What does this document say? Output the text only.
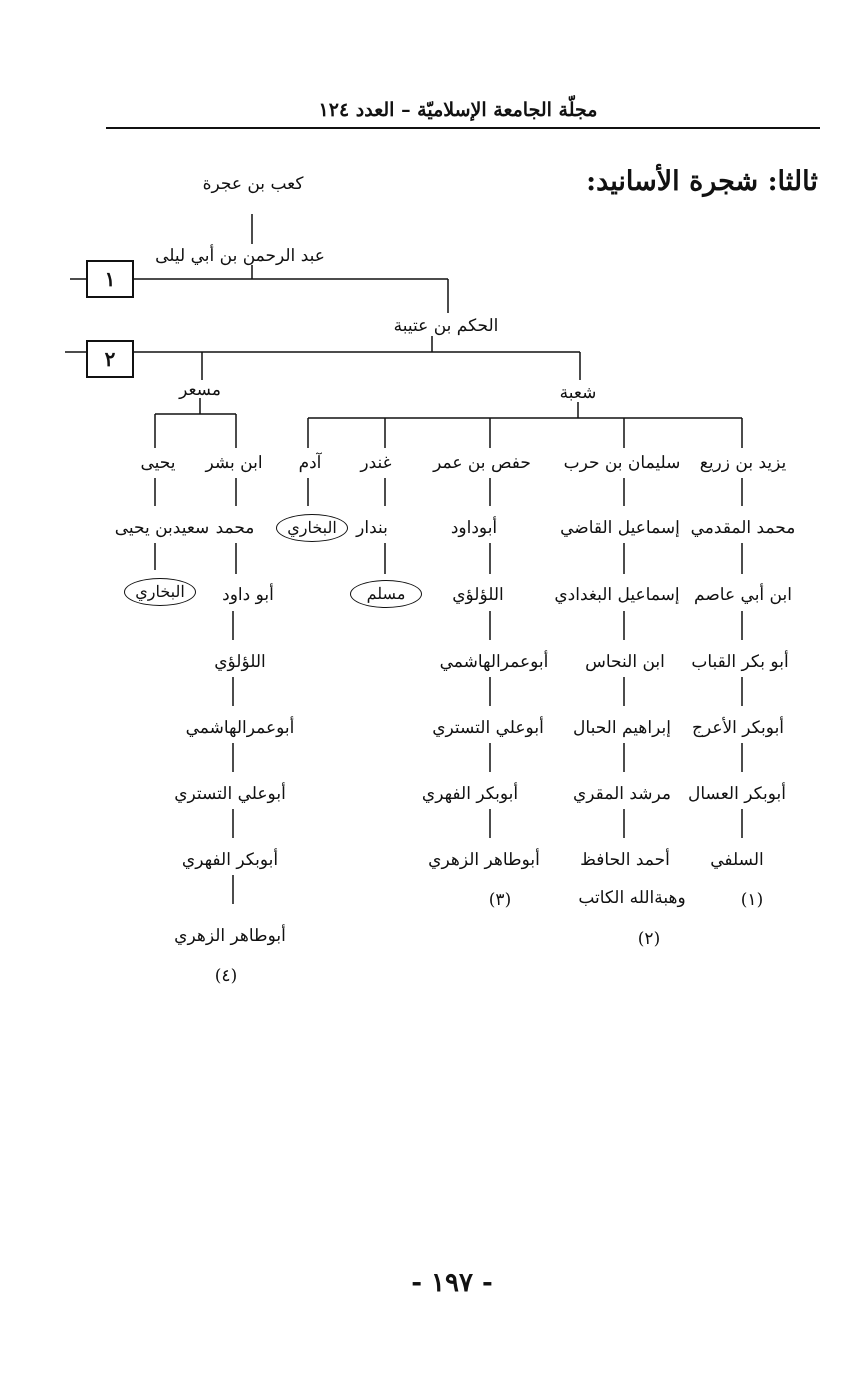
مجلّة الجامعة الإسلاميّة – العدد ١٢٤
ثالثا: شجرة الأسانيد:
١
٢
كعب بن عجرة
عبد الرحمن بن أبي ليلى
الحكم بن عتيبة
مسعر	شعبة
يزيد بن زريع
محمد المقدمي
ابن أبي عاصم
أبو بكر القباب
أبوبكر الأعرج
أبوبكر العسال
السلفي
(١)
سليمان بن حرب
إسماعيل القاضي
إسماعيل البغدادي
ابن النحاس
إبراهيم الحبال
مرشد المقري
أحمد الحافظ
وهبةالله الكاتب
(٢)
حفص بن عمر
أبوداود
اللؤلؤي
أبوعمرالهاشمي
أبوعلي التستري
أبوبكر الفهري
أبوطاهر الزهري
(٣)
غندر
بندار
مسلم
آدم
البخاري
ابن بشر
محمد
أبو داود
اللؤلؤي
أبوعمرالهاشمي
أبوعلي التستري
أبوبكر الفهري
أبوطاهر الزهري
(٤)
يحيى
سعيدبن يحيى
البخاري
- ١٩٧ -
